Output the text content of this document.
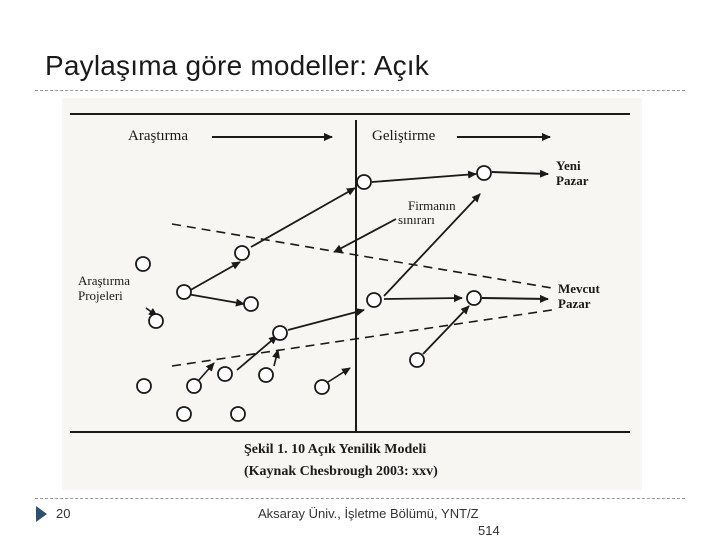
Paylaşıma göre modeller: Açık
Araştırma	Geliştirme
Yeni
Pazar
Firmanın
sınırarı
Araştırma
Projeleri	Mevcut
Pazar
Şekil 1. 10 Açık Yenilik Modeli
(Kaynak Chesbrough 2003: xxv)
20	Aksaray Üniv., İşletme Bölümü, YNT/Z
514
